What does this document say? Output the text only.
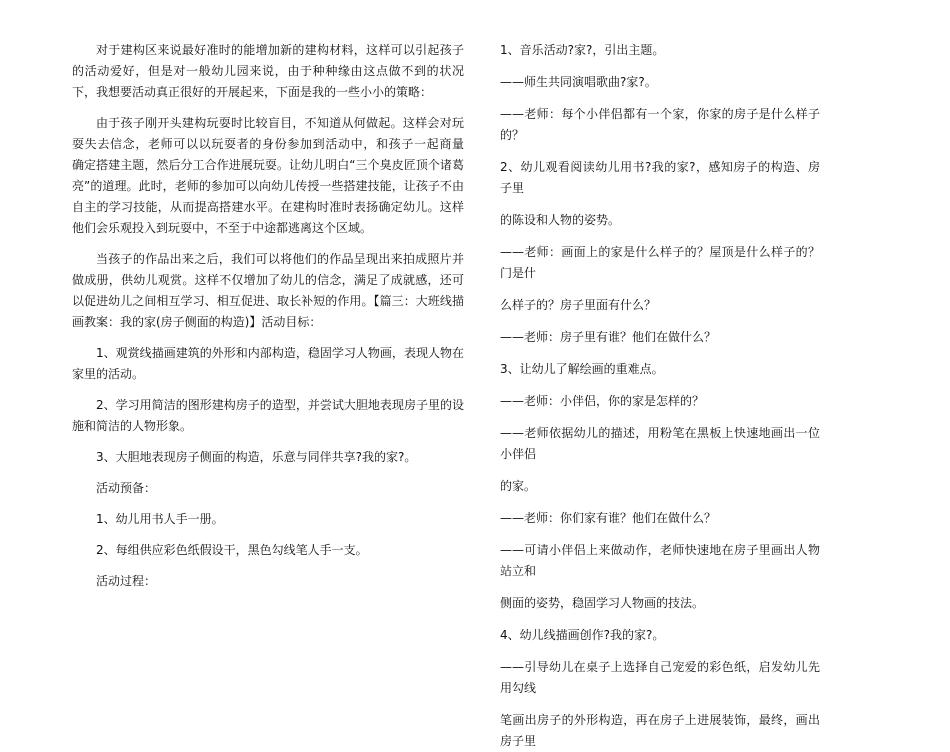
对于建构区来说最好准时的能增加新的建构材料，这样可以引起孩子的活动爱好，但是对一般幼儿园来说，由于种种缘由这点做不到的状况下，我想要活动真正很好的开展起来，下面是我的一些小小的策略：

由于孩子刚开头建构玩耍时比较盲目，不知道从何做起。这样会对玩耍失去信念，老师可以以玩耍者的身份参加到活动中，和孩子一起商量　确定搭建主题，然后分工合作进展玩耍。让幼儿明白“三个臭皮匠顶个诸葛亮”的道理。此时，老师的参加可以向幼儿传授一些搭建技能，让孩子不由自主的学习技能，从而提高搭建水平。在建构时准时表扬确定幼儿。这样他们会乐观投入到玩耍中，不至于中途都逃离这个区域。

当孩子的作品出来之后，我们可以将他们的作品呈现出来拍成照片并做成册，供幼儿观赏。这样不仅增加了幼儿的信念，满足了成就感，还可以促进幼儿之间相互学习、相互促进、取长补短的作用。【篇三：大班线描画教案：我的家(房子侧面的构造)】活动目标：

1、观赏线描画建筑的外形和内部构造，稳固学习人物画，表现人物在家里的活动。

2、学习用简洁的图形建构房子的造型，并尝试大胆地表现房子里的设施和简洁的人物形象。

3、大胆地表现房子侧面的构造，乐意与同伴共享?我的家?。

活动预备：

1、幼儿用书人手一册。

2、每组供应彩色纸假设干，黑色勾线笔人手一支。

活动过程：

1、音乐活动?家?，引出主题。

——师生共同演唱歌曲?家?。

——老师：每个小伴侣都有一个家，你家的房子是什么样子的？

2、幼儿观看阅读幼儿用书?我的家?，感知房子的构造、房子里

的陈设和人物的姿势。

——老师：画面上的家是什么样子的？屋顶是什么样子的？门是什

么样子的？房子里面有什么？

——老师：房子里有谁？他们在做什么？

3、让幼儿了解绘画的重难点。

——老师：小伴侣，你的家是怎样的？

——老师依据幼儿的描述，用粉笔在黑板上快速地画出一位小伴侣

的家。

——老师：你们家有谁？他们在做什么？

——可请小伴侣上来做动作，老师快速地在房子里画出人物站立和

侧面的姿势，稳固学习人物画的技法。

4、幼儿线描画创作?我的家?。

——引导幼儿在桌子上选择自己宠爱的彩色纸，启发幼儿先用勾线

笔画出房子的外形构造，再在房子上进展装饰，最终，画出房子里
